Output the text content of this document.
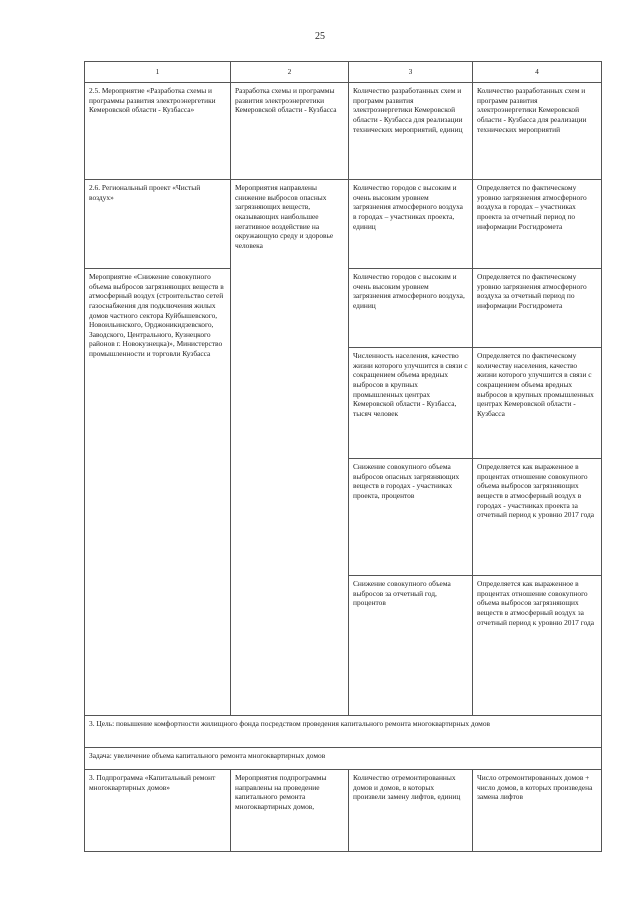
25
1	2	3	4
2.5. Мероприятие «Разработка схемы и программы развития электроэнергетики Кемеровской области - Кузбасса»	Разработка схемы и программы развития электроэнергетики Кемеровской области - Кузбасса	Количество разработанных схем и программ развития электроэнергетики Кемеровской области - Кузбасса для реализации технических мероприятий, единиц	Количество разработанных схем и программ развития электроэнергетики Кемеровской области - Кузбасса для реализации технических мероприятий
2.6. Региональный проект «Чистый воздух»	Мероприятия направлены снижение выбросов опасных загрязняющих веществ, оказывающих наибольшее негативное воздействие на окружающую среду и здоровье человека	Количество городов с высоким и очень высоким уровнем загрязнения атмосферного воздуха в городах – участниках проекта, единиц	Определяется по фактическому уровню загрязнения атмосферного воздуха в городах – участниках проекта за отчетный период по информации Росгидромета
Мероприятие «Снижение совокупного объема выбросов загрязняющих веществ в атмосферный воздух (строительство сетей газоснабжения для подключения жилых домов частного сектора Куйбышевского, Новоильинского, Орджоникидзевского, Заводского, Центрального, Кузнецкого районов г. Новокузнецка)», Министерство промышленности и торговли Кузбасса		Количество городов с высоким и очень высоким уровнем загрязнения атмосферного воздуха, единиц	Определяется по фактическому уровню загрязнения атмосферного воздуха за отчетный период по информации Росгидромета
		Численность населения, качество жизни которого улучшится в связи с сокращением объема вредных выбросов в крупных промышленных центрах Кемеровской области - Кузбасса, тысяч человек	Определяется по фактическому количеству населения, качество жизни которого улучшится в связи с сокращением объема вредных выбросов в крупных промышленных центрах Кемеровской области - Кузбасса
		Снижение совокупного объема выбросов опасных загрязняющих веществ в городах - участниках проекта, процентов	Определяется как выраженное в процентах отношение совокупного объема выбросов загрязняющих веществ в атмосферный воздух в городах - участниках проекта за отчетный период к уровню 2017 года
		Снижение совокупного объема выбросов за отчетный год, процентов	Определяется как выраженное в процентах отношение совокупного объема выбросов загрязняющих веществ в атмосферный воздух за отчетный период к уровню 2017 года
3. Цель: повышение комфортности жилищного фонда посредством проведения капитального ремонта многоквартирных домов			
Задача: увеличение объема капитального ремонта многоквартирных домов			
3. Подпрограмма «Капитальный ремонт многоквартирных домов»	Мероприятия подпрограммы направлены на проведение капитального ремонта многоквартирных домов,	Количество отремонтированных домов и домов, в которых произвели замену лифтов, единиц	Число отремонтированных домов + число домов, в которых произведена замена лифтов
